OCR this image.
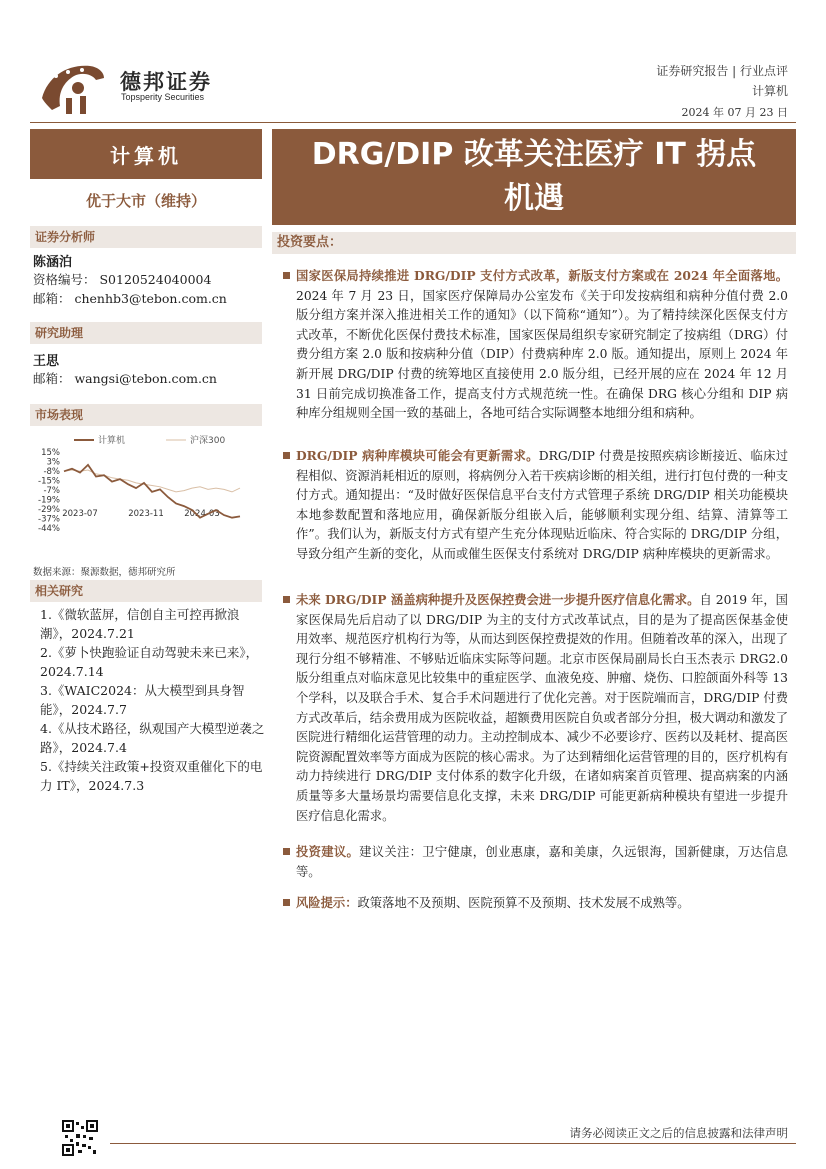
德邦证券
Topsperity Securities
证券研究报告 | 行业点评
计算机
2024 年 07 月 23 日
计算机
优于大市（维持）
DRG/DIP 改革关注医疗 IT 拐点
机遇
证券分析师
陈涵泊
资格编号： S0120524040004
邮箱： chenhb3@tebon.com.cn
研究助理
王思
邮箱： wangsi@tebon.com.cn
市场表现
计算机	沪深300
15%
3%
-8%
-15%
-7%
-19%
-29%
-37%
-44%
2023-07	2023-11 2024-03
数据来源：聚源数据，德邦研究所
相关研究
1.《微软蓝屏，信创自主可控再掀浪潮》，2024.7.21
2.《萝卜快跑验证自动驾驶未来已来》，2024.7.14
3.《WAIC2024：从大模型到具身智能》，2024.7.7
4.《从技术路径，纵观国产大模型逆袭之路》，2024.7.4
5.《持续关注政策+投资双重催化下的电力 IT》，2024.7.3
投资要点：
国家医保局持续推进 DRG/DIP 支付方式改革，新版支付方案或在 2024 年全面落地。2024 年 7 月 23 日，国家医疗保障局办公室发布《关于印发按病组和病种分值付费 2.0 版分组方案并深入推进相关工作的通知》（以下简称“通知”）。为了精持续深化医保支付方式改革，不断优化医保付费技术标准，国家医保局组织专家研究制定了按病组（DRG）付费分组方案 2.0 版和按病种分值（DIP）付费病种库 2.0 版。通知提出，原则上 2024 年新开展 DRG/DIP 付费的统筹地区直接使用 2.0 版分组，已经开展的应在 2024 年 12 月 31 日前完成切换准备工作，提高支付方式规范统一性。在确保 DRG 核心分组和 DIP 病种库分组规则全国一致的基础上，各地可结合实际调整本地细分组和病种。
DRG/DIP 病种库模块可能会有更新需求。DRG/DIP 付费是按照疾病诊断接近、临床过程相似、资源消耗相近的原则，将病例分入若干疾病诊断的相关组，进行打包付费的一种支付方式。通知提出：“及时做好医保信息平台支付方式管理子系统 DRG/DIP 相关功能模块本地参数配置和落地应用，确保新版分组嵌入后，能够顺利实现分组、结算、清算等工作”。我们认为，新版支付方式有望产生充分体现贴近临床、符合实际的 DRG/DIP 分组，导致分组产生新的变化，从而或催生医保支付系统对 DRG/DIP 病种库模块的更新需求。
未来 DRG/DIP 涵盖病种提升及医保控费会进一步提升医疗信息化需求。自 2019 年，国家医保局先后启动了以 DRG/DIP 为主的支付方式改革试点，目的是为了提高医保基金使用效率、规范医疗机构行为等，从而达到医保控费提效的作用。但随着改革的深入，出现了现行分组不够精准、不够贴近临床实际等问题。北京市医保局副局长白玉杰表示 DRG2.0 版分组重点对临床意见比较集中的重症医学、血液免疫、肿瘤、烧伤、口腔颌面外科等 13 个学科，以及联合手术、复合手术问题进行了优化完善。对于医院端而言，DRG/DIP 付费方式改革后，结余费用成为医院收益，超额费用医院自负或者部分分担，极大调动和激发了医院进行精细化运营管理的动力。主动控制成本、减少不必要诊疗、医药以及耗材、提高医院资源配置效率等方面成为医院的核心需求。为了达到精细化运营管理的目的，医疗机构有动力持续进行 DRG/DIP 支付体系的数字化升级，在诸如病案首页管理、提高病案的内涵质量等多大量场景均需要信息化支撑，未来 DRG/DIP 可能更新病种模块有望进一步提升医疗信息化需求。
投资建议。建议关注：卫宁健康，创业惠康，嘉和美康，久远银海，国新健康，万达信息等。
风险提示：政策落地不及预期、医院预算不及预期、技术发展不成熟等。
请务必阅读正文之后的信息披露和法律声明
